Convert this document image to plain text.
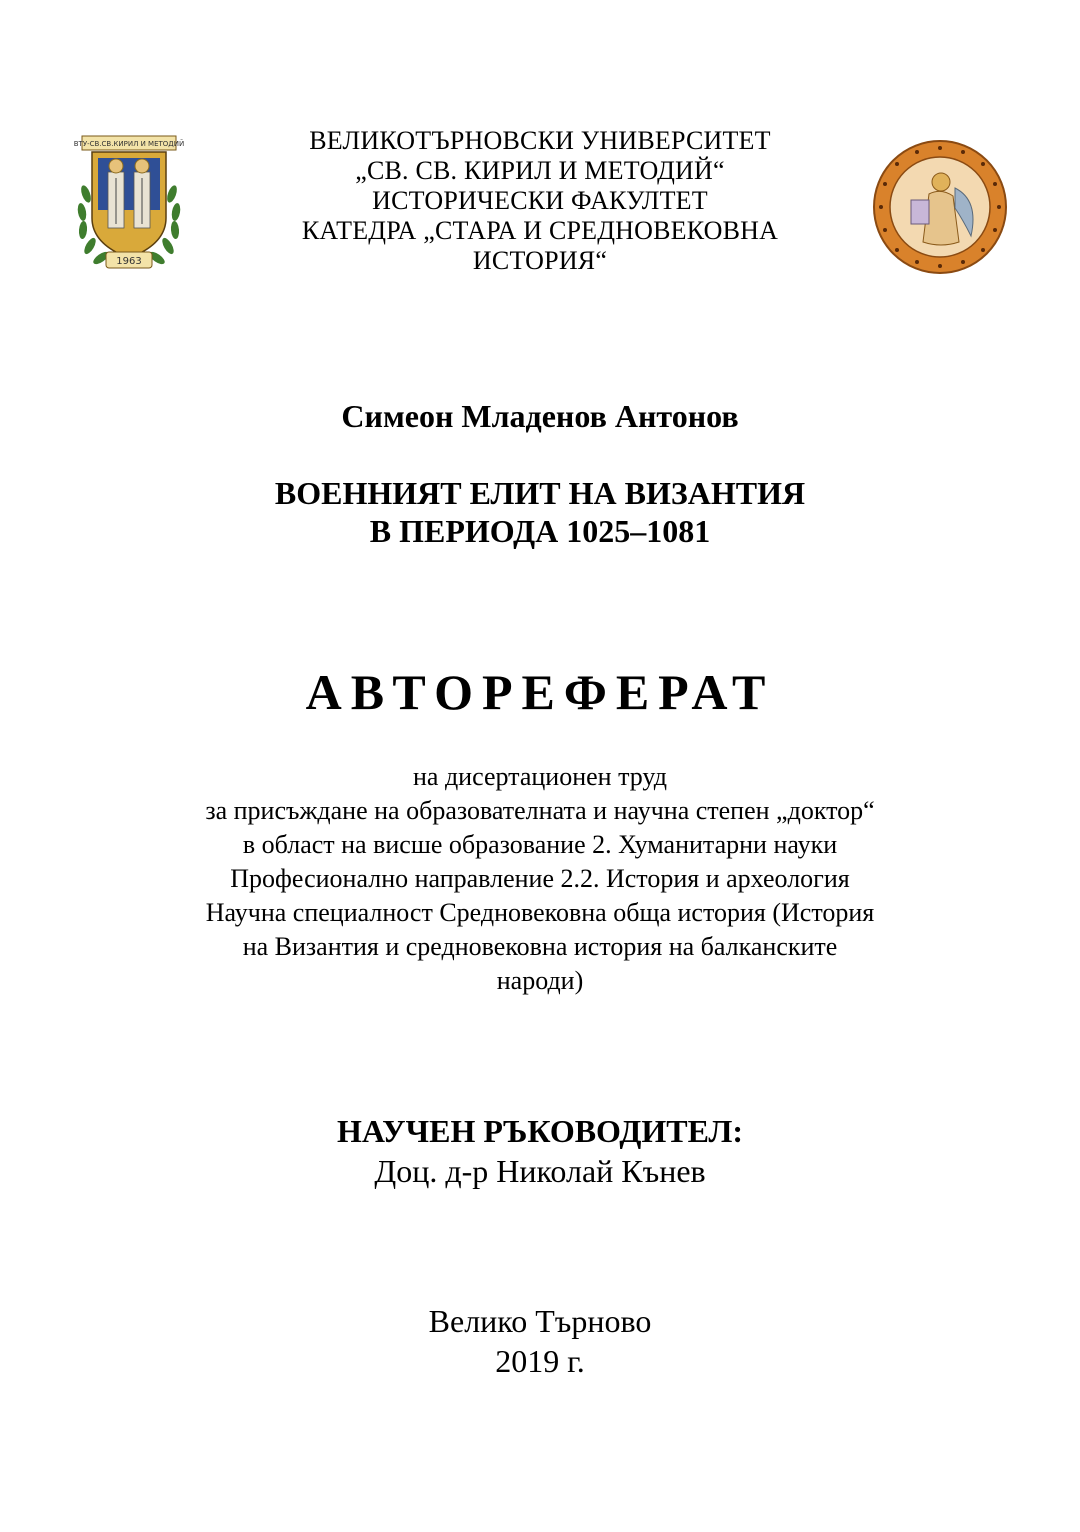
ВТУ-СВ.СВ.КИРИЛ И МЕТОДИЙ
1963
ВЕЛИКОТЪРНОВСКИ УНИВЕРСИТЕТ
„СВ. СВ. КИРИЛ И МЕТОДИЙ“
ИСТОРИЧЕСКИ ФАКУЛТЕТ
КАТЕДРА „СТАРА И СРЕДНОВЕКОВНА
ИСТОРИЯ“
Симеон Младенов Антонов
ВОЕННИЯТ ЕЛИТ НА ВИЗАНТИЯ
В ПЕРИОДА 1025–1081
АВТОРЕФЕРАТ
на дисертационен труд
за присъждане на образователната и научна степен „доктор“
в област на висше образование 2. Хуманитарни науки
Професионално направление 2.2. История и археология
Научна специалност Средновековна обща история (История
на Византия и средновековна история на балканските
народи)
НАУЧЕН РЪКОВОДИТЕЛ:
Доц. д-р Николай Кънев
Велико Търново
2019 г.
